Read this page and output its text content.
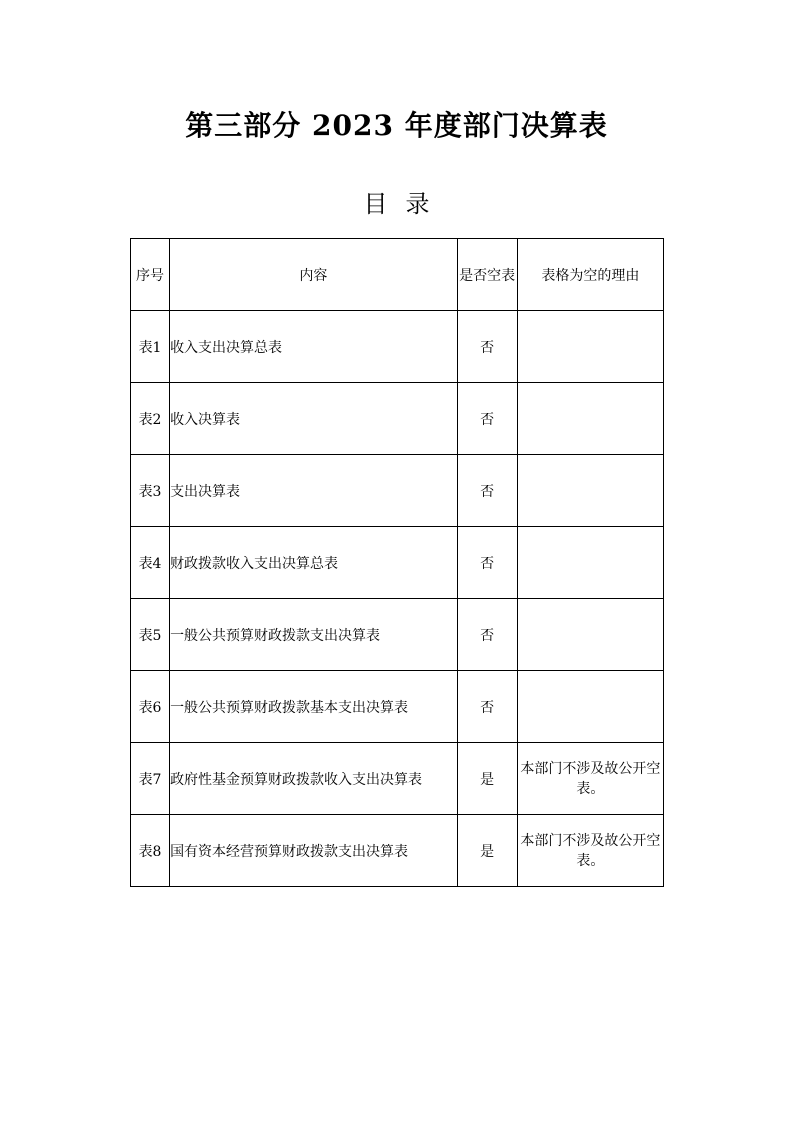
第三部分 2023 年度部门决算表
目录
序号	内容	是否空表	表格为空的理由
表1	收入支出决算总表	否	
表2	收入决算表	否	
表3	支出决算表	否	
表4	财政拨款收入支出决算总表	否	
表5	一般公共预算财政拨款支出决算表	否	
表6	一般公共预算财政拨款基本支出决算表	否	
表7	政府性基金预算财政拨款收入支出决算表	是	本部门不涉及故公开空表。
表8	国有资本经营预算财政拨款支出决算表	是	本部门不涉及故公开空表。
